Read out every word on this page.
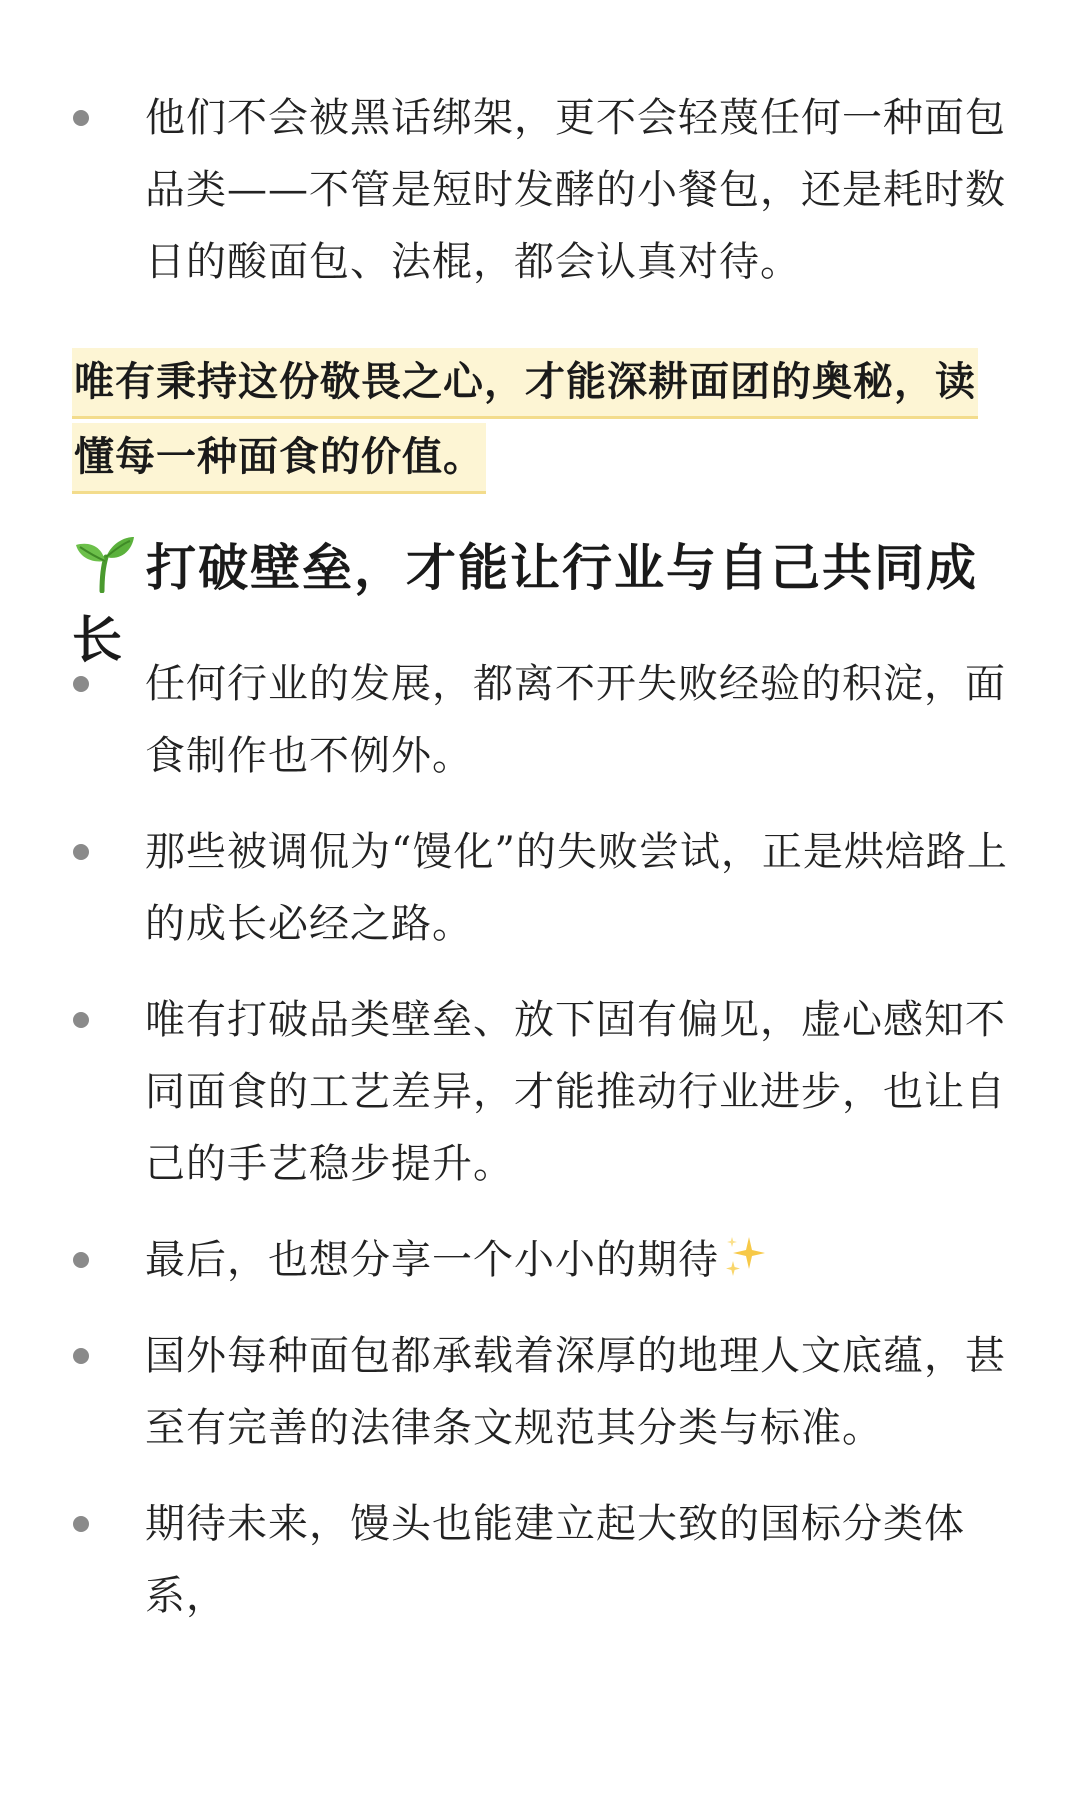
他们不会被黑话绑架，更不会轻蔑任何一种面包品类——不管是短时发酵的小餐包，还是耗时数日的酸面包、法棍，都会认真对待。
唯有秉持这份敬畏之心，才能深耕面团的奥秘，读
懂每一种面食的价值。
打破壁垒，才能让行业与自己共同成长
任何行业的发展，都离不开失败经验的积淀，面食制作也不例外。
那些被调侃为“馒化”的失败尝试，正是烘焙路上的成长必经之路。
唯有打破品类壁垒、放下固有偏见，虚心感知不同面食的工艺差异，才能推动行业进步，也让自己的手艺稳步提升。
最后，也想分享一个小小的期待
国外每种面包都承载着深厚的地理人文底蕴，甚至有完善的法律条文规范其分类与标准。
期待未来，馒头也能建立起大致的国标分类体系，
